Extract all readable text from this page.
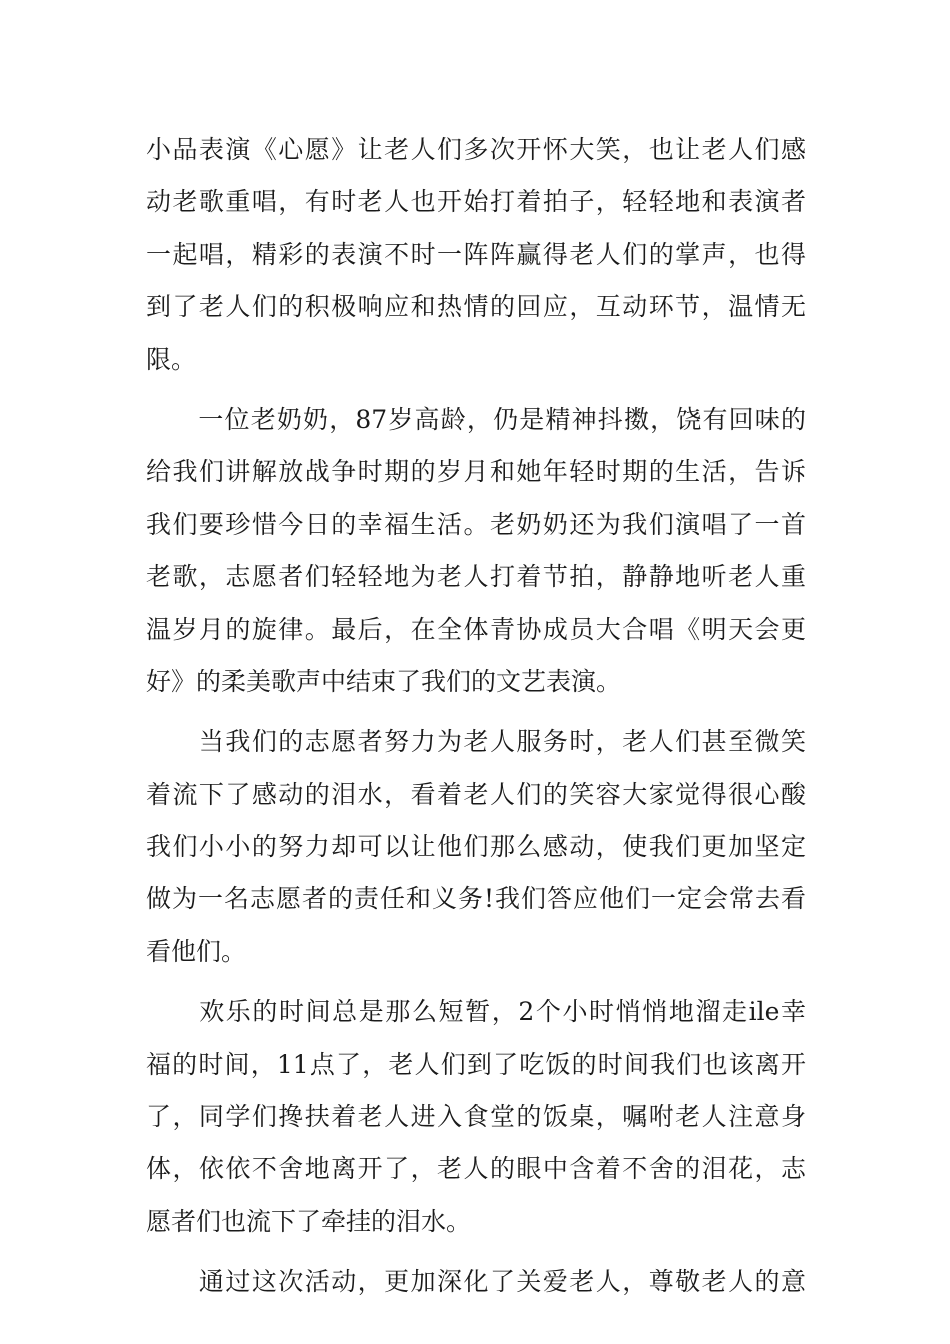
小品表演《心愿》让老人们多次开怀大笑，也让老人们感
动老歌重唱，有时老人也开始打着拍子，轻轻地和表演者
一起唱，精彩的表演不时一阵阵赢得老人们的掌声，也得
到了老人们的积极响应和热情的回应，互动环节，温情无
限。
　　一位老奶奶，87岁高龄，仍是精神抖擞，饶有回味的
给我们讲解放战争时期的岁月和她年轻时期的生活，告诉
我们要珍惜今日的幸福生活。老奶奶还为我们演唱了一首
老歌，志愿者们轻轻地为老人打着节拍，静静地听老人重
温岁月的旋律。最后，在全体青协成员大合唱《明天会更
好》的柔美歌声中结束了我们的文艺表演。
　　当我们的志愿者努力为老人服务时，老人们甚至微笑
着流下了感动的泪水，看着老人们的笑容大家觉得很心酸
我们小小的努力却可以让他们那么感动，使我们更加坚定
做为一名志愿者的责任和义务!我们答应他们一定会常去看
看他们。
　　欢乐的时间总是那么短暂，2个小时悄悄地溜走ile幸
福的时间，11点了，老人们到了吃饭的时间我们也该离开
了，同学们搀扶着老人进入食堂的饭桌，嘱咐老人注意身
体，依依不舍地离开了，老人的眼中含着不舍的泪花，志
愿者们也流下了牵挂的泪水。
　　通过这次活动，更加深化了关爱老人，尊敬老人的意
